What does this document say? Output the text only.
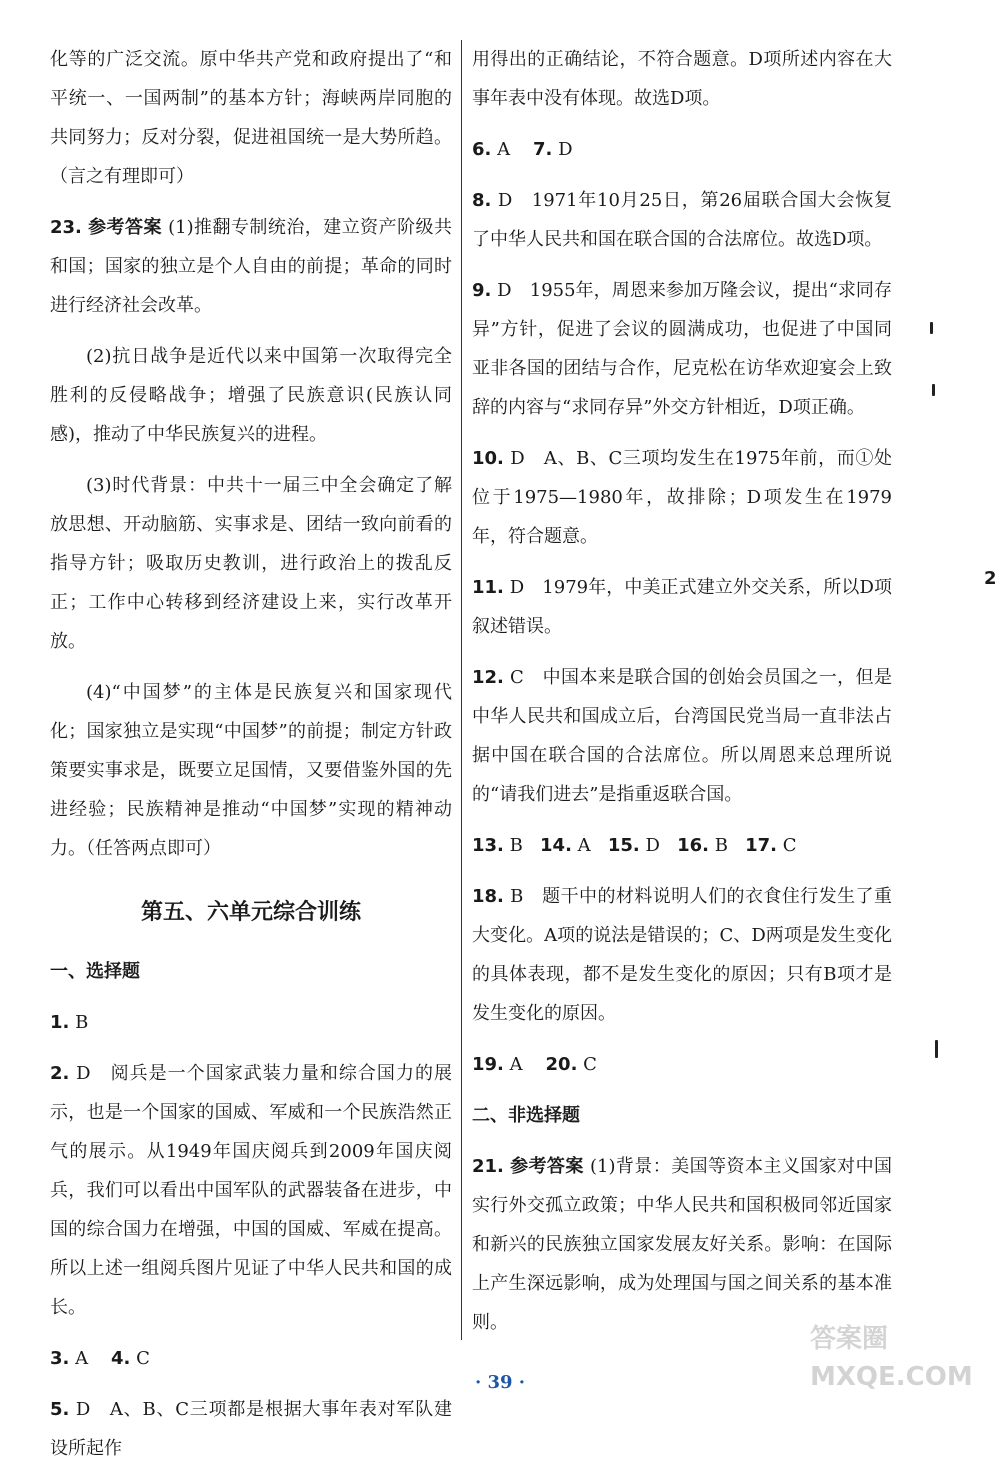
化等的广泛交流。原中华共产党和政府提出了“和平统一、一国两制”的基本方针；海峡两岸同胞的共同努力；反对分裂，促进祖国统一是大势所趋。（言之有理即可）

23. 参考答案 (1)推翻专制统治，建立资产阶级共和国；国家的独立是个人自由的前提；革命的同时进行经济社会改革。

(2)抗日战争是近代以来中国第一次取得完全胜利的反侵略战争；增强了民族意识(民族认同感)，推动了中华民族复兴的进程。

(3)时代背景：中共十一届三中全会确定了解放思想、开动脑筋、实事求是、团结一致向前看的指导方针；吸取历史教训，进行政治上的拨乱反正；工作中心转移到经济建设上来，实行改革开放。

(4)“中国梦”的主体是民族复兴和国家现代化；国家独立是实现“中国梦”的前提；制定方针政策要实事求是，既要立足国情，又要借鉴外国的先进经验；民族精神是推动“中国梦”实现的精神动力。（任答两点即可）

第五、六单元综合训练
一、选择题

1. B

2. D　阅兵是一个国家武装力量和综合国力的展示，也是一个国家的国威、军威和一个民族浩然正气的展示。从1949年国庆阅兵到2009年国庆阅兵，我们可以看出中国军队的武器装备在进步，中国的综合国力在增强，中国的国威、军威在提高。所以上述一组阅兵图片见证了中华人民共和国的成长。

3. A 4. C

5. D　A、B、C三项都是根据大事年表对军队建设所起作

用得出的正确结论，不符合题意。D项所述内容在大事年表中没有体现。故选D项。

6. A 7. D

8. D　1971年10月25日，第26届联合国大会恢复了中华人民共和国在联合国的合法席位。故选D项。

9. D　1955年，周恩来参加万隆会议，提出“求同存异”方针，促进了会议的圆满成功，也促进了中国同亚非各国的团结与合作，尼克松在访华欢迎宴会上致辞的内容与“求同存异”外交方针相近，D项正确。

10. D　A、B、C三项均发生在1975年前，而①处位于1975—1980年，故排除；D项发生在1979年，符合题意。

11. D　1979年，中美正式建立外交关系，所以D项叙述错误。

12. C　中国本来是联合国的创始会员国之一，但是中华人民共和国成立后，台湾国民党当局一直非法占据中国在联合国的合法席位。所以周恩来总理所说的“请我们进去”是指重返联合国。

13. B 14. A 15. D 16. B 17. C

18. B　题干中的材料说明人们的衣食住行发生了重大变化。A项的说法是错误的；C、D两项是发生变化的具体表现，都不是发生变化的原因；只有B项才是发生变化的原因。

19. A 20. C

二、非选择题

21. 参考答案 (1)背景：美国等资本主义国家对中国实行外交孤立政策；中华人民共和国积极同邻近国家和新兴的民族独立国家发展友好关系。影响：在国际上产生深远影响，成为处理国与国之间关系的基本准则。

2
答案圈
MXQE.COM
· 39 ·
